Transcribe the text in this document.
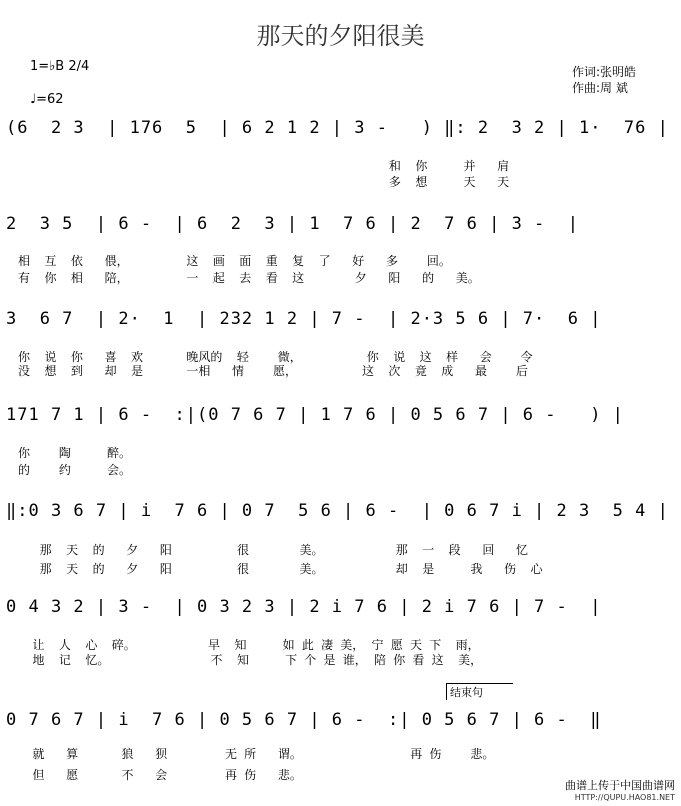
那天的夕阳很美
1=♭B 2/4
♩=62
作词:张明皓
作曲:周 斌
(6  2 3  | 176  5  | 6 2 1 2 | 3 -   ) ‖: 2  3 2 | 1·  76 |
和  你     并   肩
多  想     天   天
2  3 5  | 6 -  | 6  2  3 | 1  7 6 | 2  7 6 | 3 -  |
相  互  依   偎，        这  画  面  重  复  了   好   多    回。
有  你  相   陪，        一  起  去  看  这       夕   阳   的   美。
3  6 7  | 2·  1  | 232 1 2 | 7 -  | 2·3 5 6 | 7·  6 |
你  说  你   喜  欢      晚风的  轻    微，         你  说  这  样   会    令
没  想  到   却  是      一相   情    愿，         这  次  竟  成   最    后
171 7 1 | 6 -  :|(0 7 6 7 | 1 7 6 | 0 5 6 7 | 6 -   ) |
你    陶     醉。
的    约     会。
‖:0 3 6 7 | i  7 6 | 0 7  5 6 | 6 -  | 0 6 7 i | 2 3  5 4 |
那  天  的   夕   阳         很       美。          那  一  段   回   忆
那  天  的   夕   阳         很       美。          却  是     我   伤  心
0 4 3 2 | 3 -  | 0 3 2 3 | 2 i 7 6 | 2 i 7 6 | 7 -  |
让  人  心  碎。          早  知     如 此 凄 美， 宁 愿 天 下  雨，
地  记  忆。              不  知     下 个 是 谁， 陪 你 看 这  美，
结束句
0 7 6 7 | i  7 6 | 0 5 6 7 | 6 -  :| 0 5 6 7 | 6 -  ‖
就   算      狼   狈        无 所   谓。               再 伤    悲。
但   愿      不   会        再 伤   悲。
曲谱上传于中国曲谱网
HTTP://QUPU.HAO81.NET
